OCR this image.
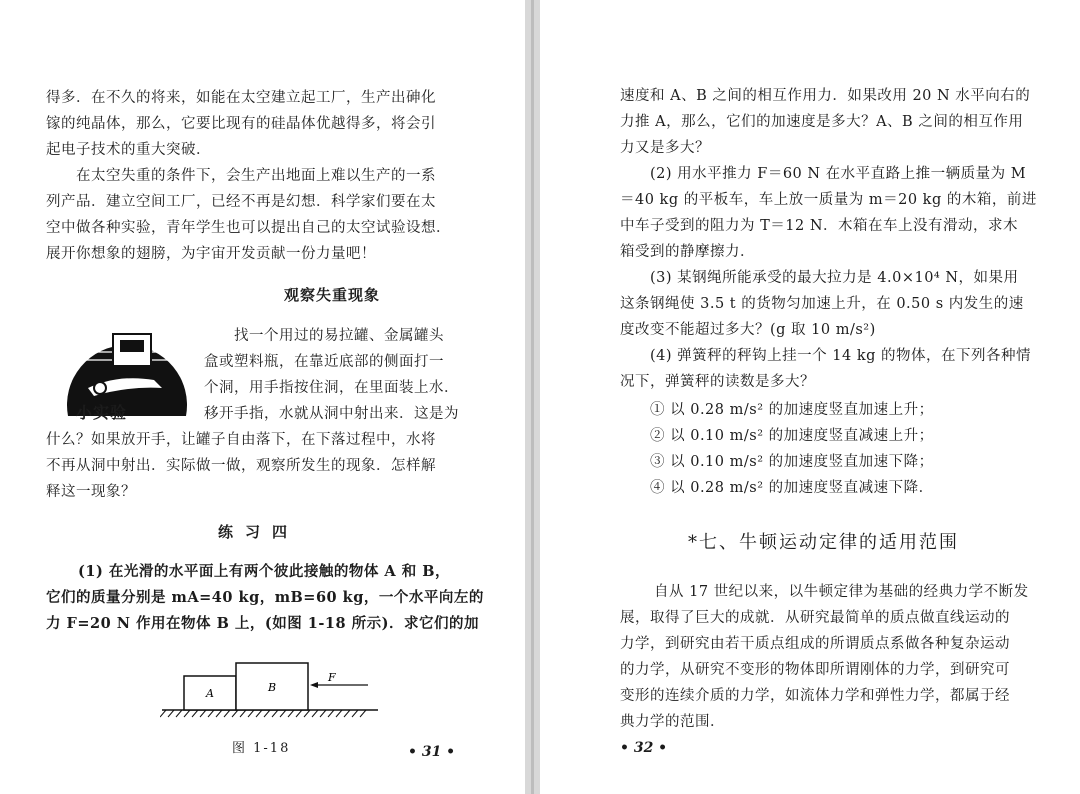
得多．在不久的将来，如能在太空建立起工厂，生产出砷化
镓的纯晶体，那么，它要比现有的硅晶体优越得多，将会引
起电子技术的重大突破．
在太空失重的条件下，会生产出地面上难以生产的一系
列产品．建立空间工厂，已经不再是幻想．科学家们要在太
空中做各种实验，青年学生也可以提出自己的太空试验设想．
展开你想象的翅膀，为宇宙开发贡献一份力量吧！
观察失重现象
小实验
找一个用过的易拉罐、金属罐头
盒或塑料瓶，在靠近底部的侧面打一
个洞，用手指按住洞，在里面装上水．
移开手指，水就从洞中射出来．这是为
什么？如果放开手，让罐子自由落下，在下落过程中，水将
不再从洞中射出．实际做一做，观察所发生的现象．怎样解
释这一现象？
练习四
(1) 在光滑的水平面上有两个彼此接触的物体 A 和 B，
它们的质量分别是 mA=40 kg，mB=60 kg，一个水平向左的
力 F=20 N 作用在物体 B 上，(如图 1-18 所示)．求它们的加
A	B
F
图 1-18	• 31 •
速度和 A、B 之间的相互作用力．如果改用 20 N 水平向右的
力推 A，那么，它们的加速度是多大？A、B 之间的相互作用
力又是多大？
(2) 用水平推力 F＝60 N 在水平直路上推一辆质量为 M
＝40 kg 的平板车，车上放一质量为 m＝20 kg 的木箱，前进
中车子受到的阻力为 T＝12 N．木箱在车上没有滑动，求木
箱受到的静摩擦力．
(3) 某钢绳所能承受的最大拉力是 4.0×10⁴ N，如果用
这条钢绳使 3.5 t 的货物匀加速上升，在 0.50 s 内发生的速
度改变不能超过多大？(g 取 10 m/s²)
(4) 弹簧秤的秤钩上挂一个 14 kg 的物体，在下列各种情
况下，弹簧秤的读数是多大？
① 以 0.28 m/s² 的加速度竖直加速上升；
② 以 0.10 m/s² 的加速度竖直减速上升；
③ 以 0.10 m/s² 的加速度竖直加速下降；
④ 以 0.28 m/s² 的加速度竖直减速下降．
*七、牛顿运动定律的适用范围
自从 17 世纪以来，以牛顿定律为基础的经典力学不断发
展，取得了巨大的成就．从研究最简单的质点做直线运动的
力学，到研究由若干质点组成的所谓质点系做各种复杂运动
的力学，从研究不变形的物体即所谓刚体的力学，到研究可
变形的连续介质的力学，如流体力学和弹性力学，都属于经
典力学的范围．
• 32 •
